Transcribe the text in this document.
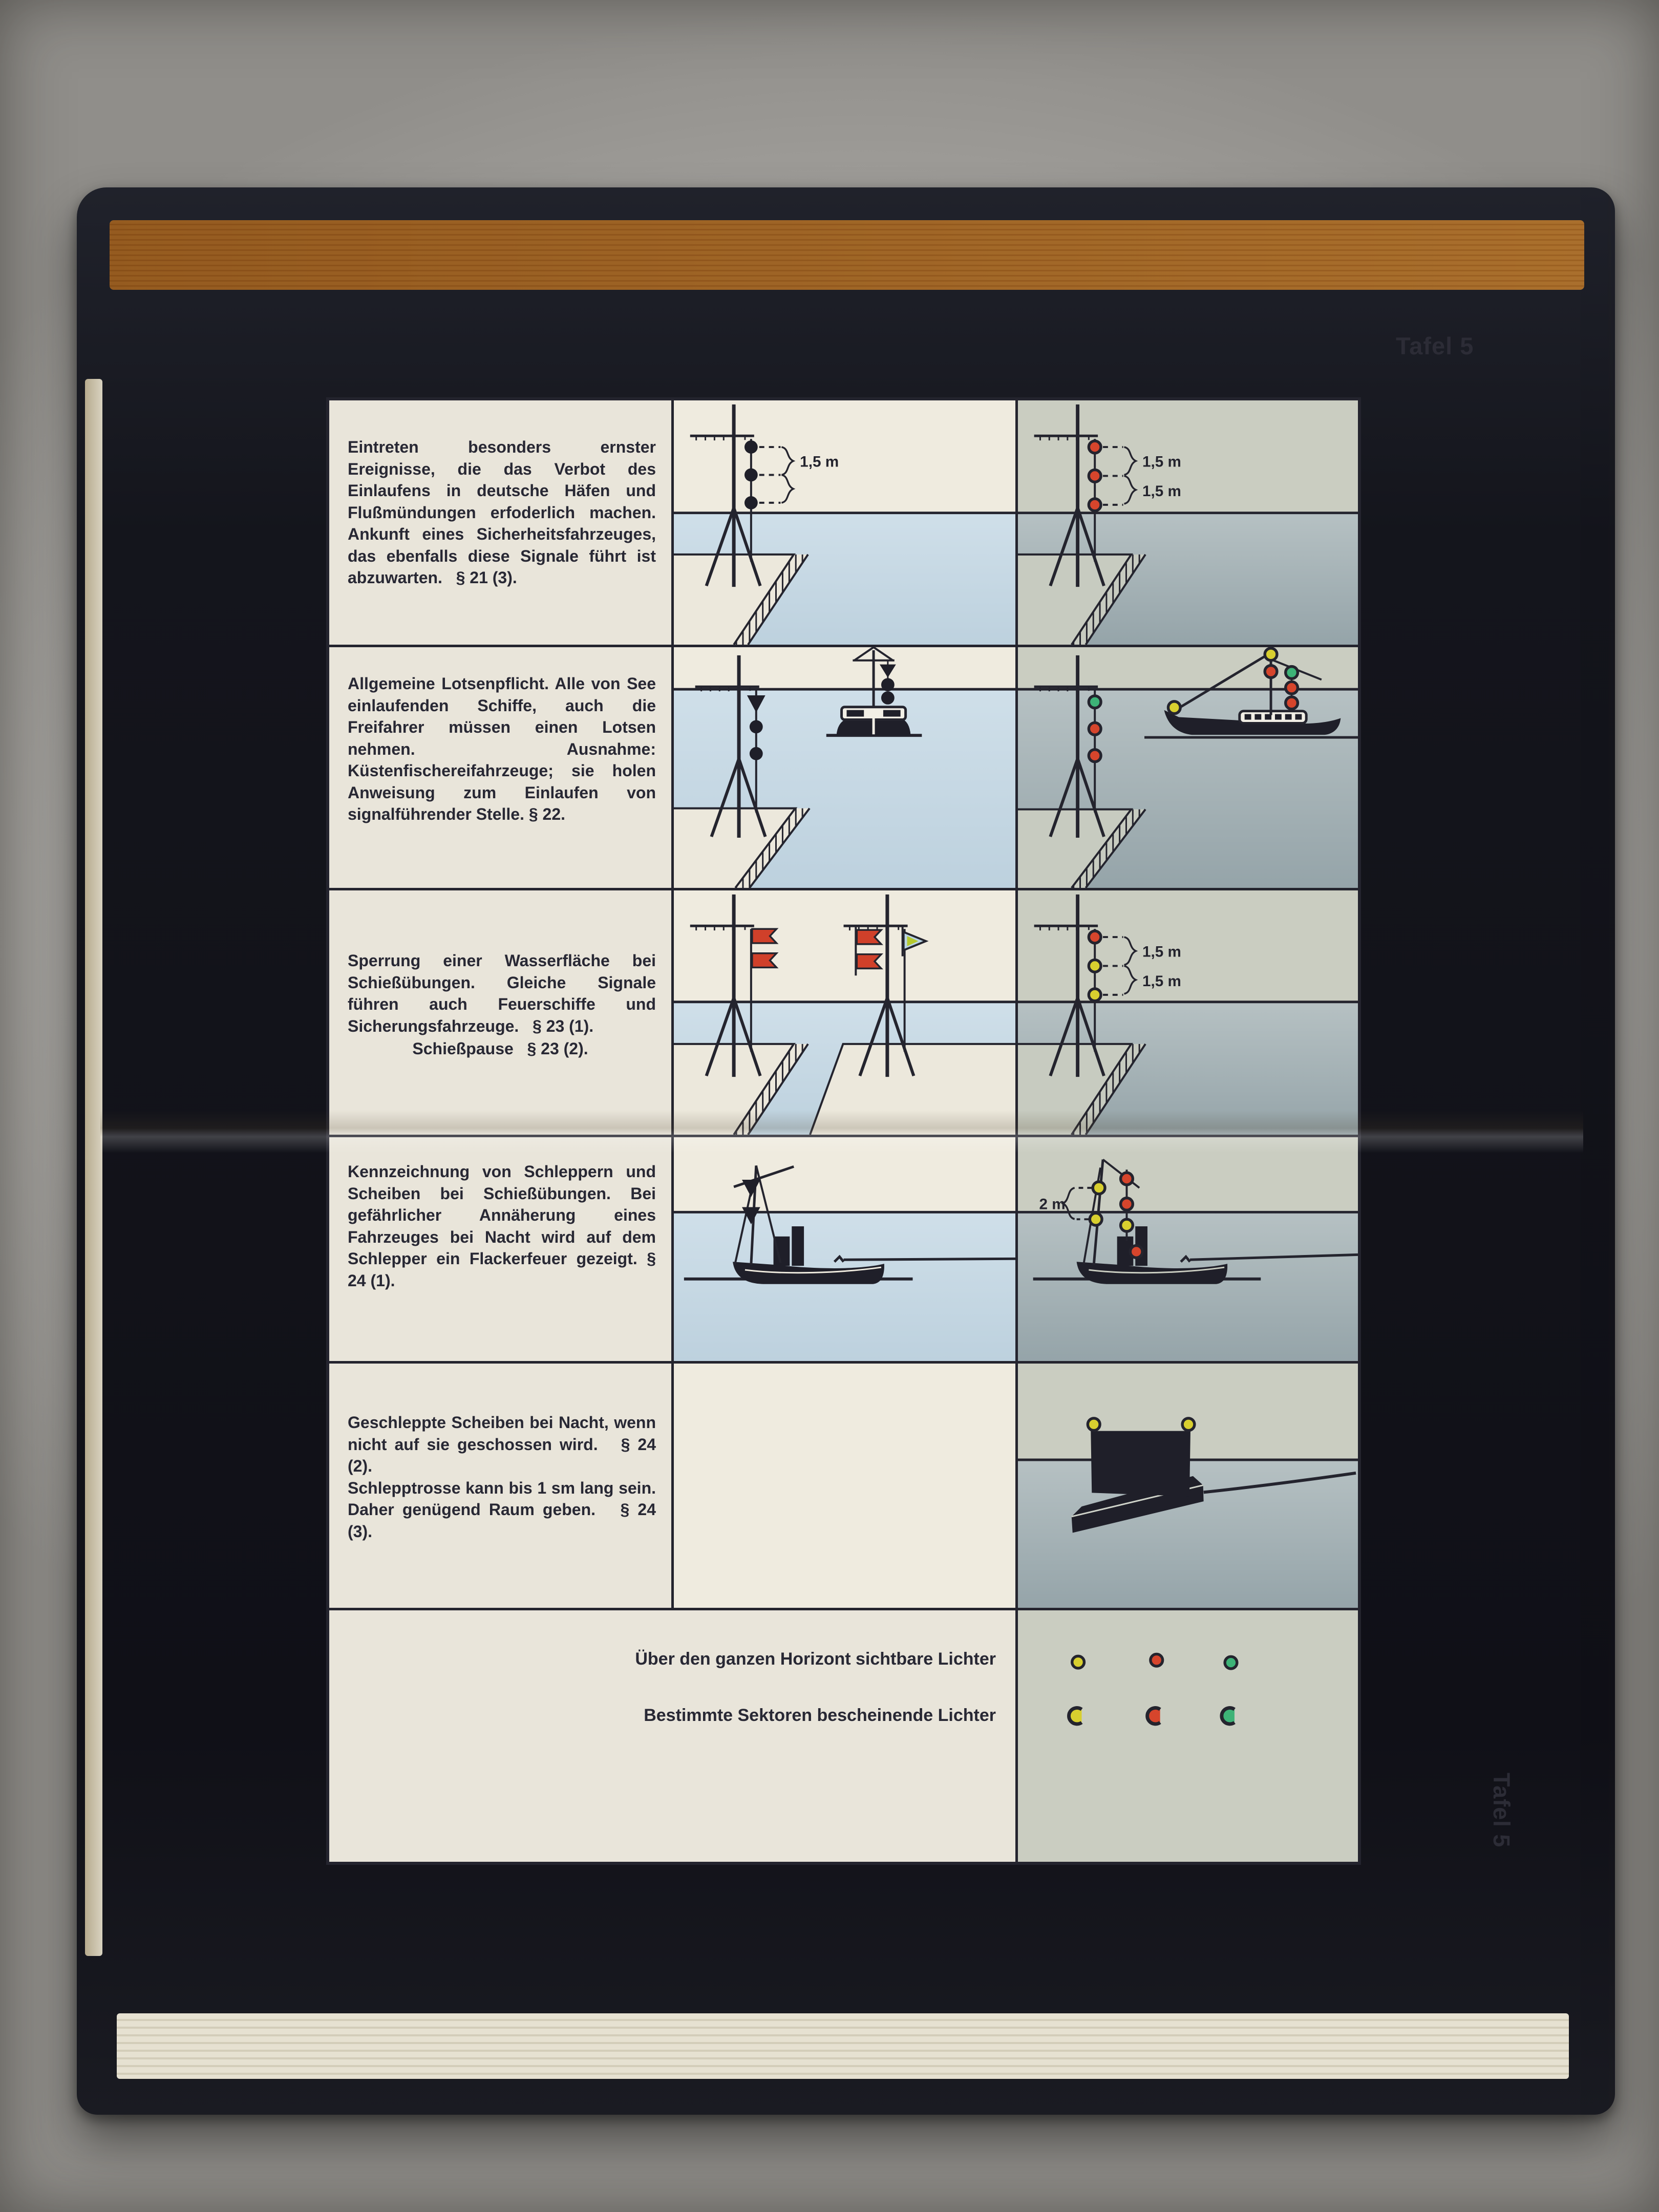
Tafel 5
Tafel 5
Eintreten besonders ernster Ereignisse, die das Verbot des Einlaufens in deutsche Häfen und Flußmündungen erfoderlich machen. Ankunft eines Sicherheitsfahrzeuges, das ebenfalls diese Signale führt ist abzuwarten.   § 21 (3).
1,5 m	1,5 m
1,5 m
Allgemeine Lotsenpflicht. Alle von See einlaufenden Schiffe, auch die Freifahrer müssen einen Lotsen nehmen. Ausnahme: Küstenfischereifahrzeuge; sie holen Anweisung zum Einlaufen von signalführender Stelle. § 22.
Sperrung einer Wasserfläche bei Schießübungen. Gleiche Signale führen auch Feuerschiffe und Sicherungsfahrzeuge.   § 23 (1).
Schießpause   § 23 (2).
1,5 m
1,5 m
Kennzeichnung von Schleppern und Scheiben bei Schießübungen. Bei gefährlicher Annäherung eines Fahrzeuges bei Nacht wird auf dem Schlepper ein Flackerfeuer gezeigt. § 24 (1).
2 m
Geschleppte Scheiben bei Nacht, wenn nicht auf sie geschossen wird.   § 24 (2).
Schlepptrosse kann bis 1 sm lang sein. Daher genügend Raum geben.   § 24 (3).
Über den ganzen Horizont sichtbare Lichter
Bestimmte Sektoren bescheinende Lichter
